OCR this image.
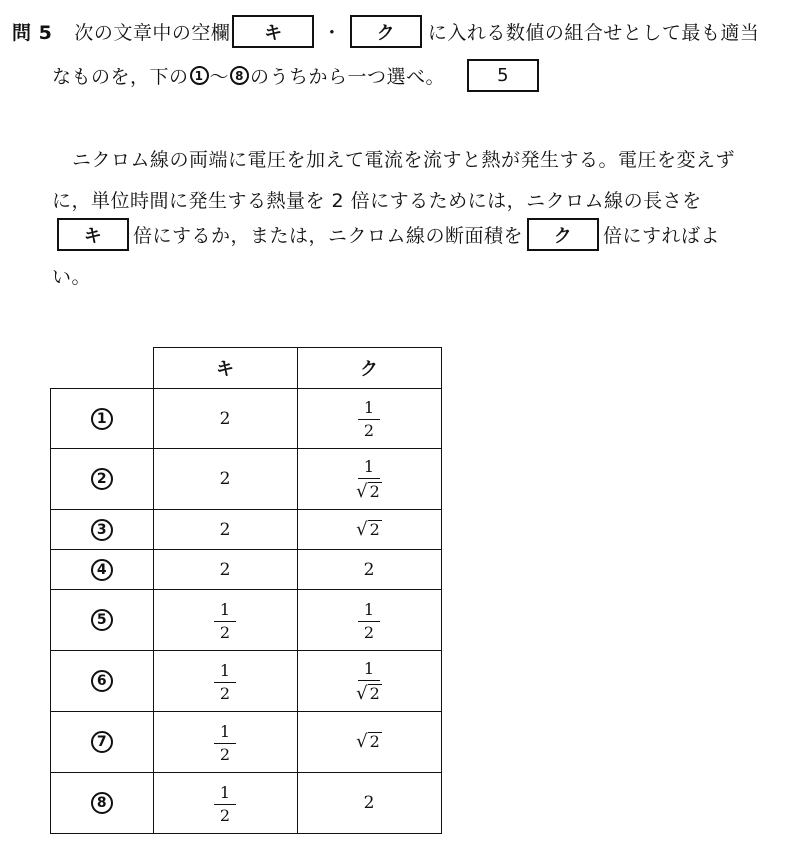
問 5 次の文章中の空欄	キ	・	ク	に入れる数値の組合せとして最も適当
なものを，下の 1 ～ 8 のうちから一つ選べ。	5
ニクロム線の両端に電圧を加えて電流を流すと熱が発生する。電圧を変えず
に，単位時間に発生する熱量を 2 倍にするためには，ニクロム線の長さを
キ	倍にするか，または，ニクロム線の断面積を	ク	倍にすればよ
い。
	キ	ク
1	2	$\frac{1}{2}$

2	2	$\frac{1}{√ 2}$

3	2	√ 2

4	2	2
5	$\frac{1}{2}$	$\frac{1}{2}$

6	$\frac{1}{2}$	$\frac{1}{√ 2}$

7	$\frac{1}{2}$	√ 2

8	$\frac{1}{2}$	2
